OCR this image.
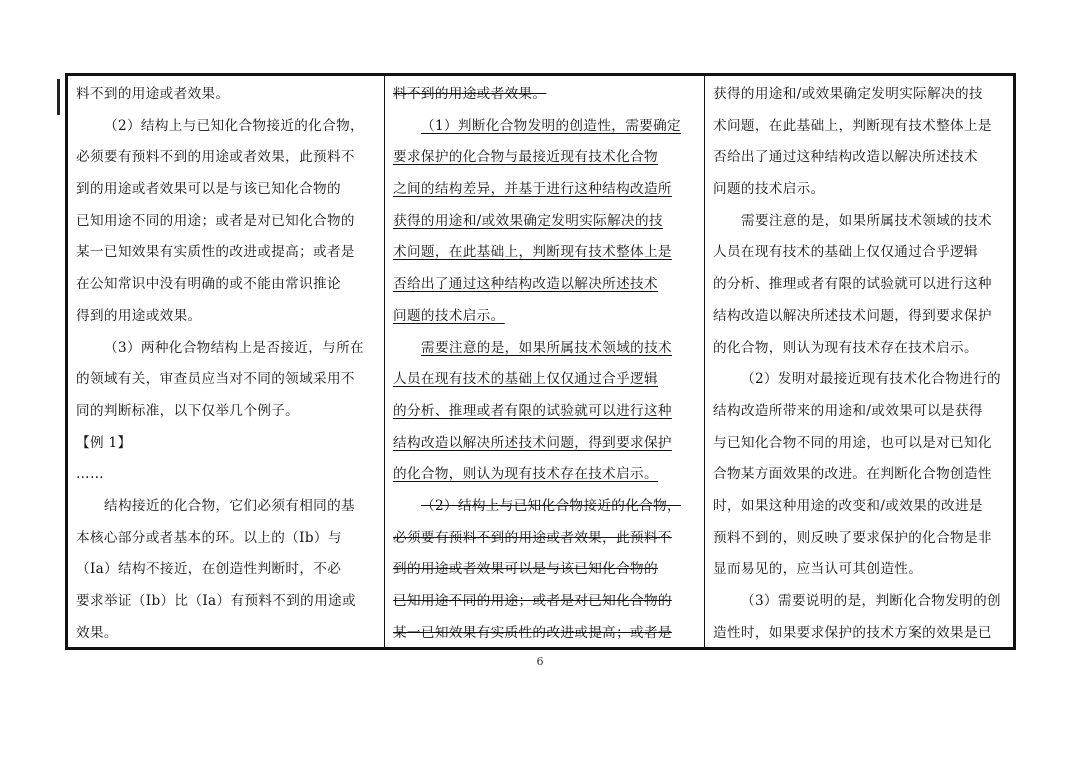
料不到的用途或者效果。
（2）结构上与已知化合物接近的化合物，
必须要有预料不到的用途或者效果，此预料不
到的用途或者效果可以是与该已知化合物的
已知用途不同的用途；或者是对已知化合物的
某一已知效果有实质性的改进或提高；或者是
在公知常识中没有明确的或不能由常识推论
得到的用途或效果。
（3）两种化合物结构上是否接近，与所在
的领域有关，审查员应当对不同的领域采用不
同的判断标准，以下仅举几个例子。
【例 1】
……
结构接近的化合物，它们必须有相同的基
本核心部分或者基本的环。以上的（Ⅰb）与
（Ⅰa）结构不接近，在创造性判断时，不必
要求举证（Ib）比（Ia）有预料不到的用途或
效果。
料不到的用途或者效果。
（1）判断化合物发明的创造性，需要确定
要求保护的化合物与最接近现有技术化合物
之间的结构差异，并基于进行这种结构改造所
获得的用途和/或效果确定发明实际解决的技
术问题，在此基础上，判断现有技术整体上是
否给出了通过这种结构改造以解决所述技术
问题的技术启示。
需要注意的是，如果所属技术领域的技术
人员在现有技术的基础上仅仅通过合乎逻辑
的分析、推理或者有限的试验就可以进行这种
结构改造以解决所述技术问题，得到要求保护
的化合物，则认为现有技术存在技术启示。
（2）结构上与已知化合物接近的化合物，
必须要有预料不到的用途或者效果，此预料不
到的用途或者效果可以是与该已知化合物的
已知用途不同的用途；或者是对已知化合物的
某一已知效果有实质性的改进或提高；或者是
获得的用途和/或效果确定发明实际解决的技
术问题，在此基础上，判断现有技术整体上是
否给出了通过这种结构改造以解决所述技术
问题的技术启示。
需要注意的是，如果所属技术领域的技术
人员在现有技术的基础上仅仅通过合乎逻辑
的分析、推理或者有限的试验就可以进行这种
结构改造以解决所述技术问题，得到要求保护
的化合物，则认为现有技术存在技术启示。
（2）发明对最接近现有技术化合物进行的
结构改造所带来的用途和/或效果可以是获得
与已知化合物不同的用途，也可以是对已知化
合物某方面效果的改进。在判断化合物创造性
时，如果这种用途的改变和/或效果的改进是
预料不到的，则反映了要求保护的化合物是非
显而易见的，应当认可其创造性。
（3）需要说明的是，判断化合物发明的创
造性时，如果要求保护的技术方案的效果是已
6
